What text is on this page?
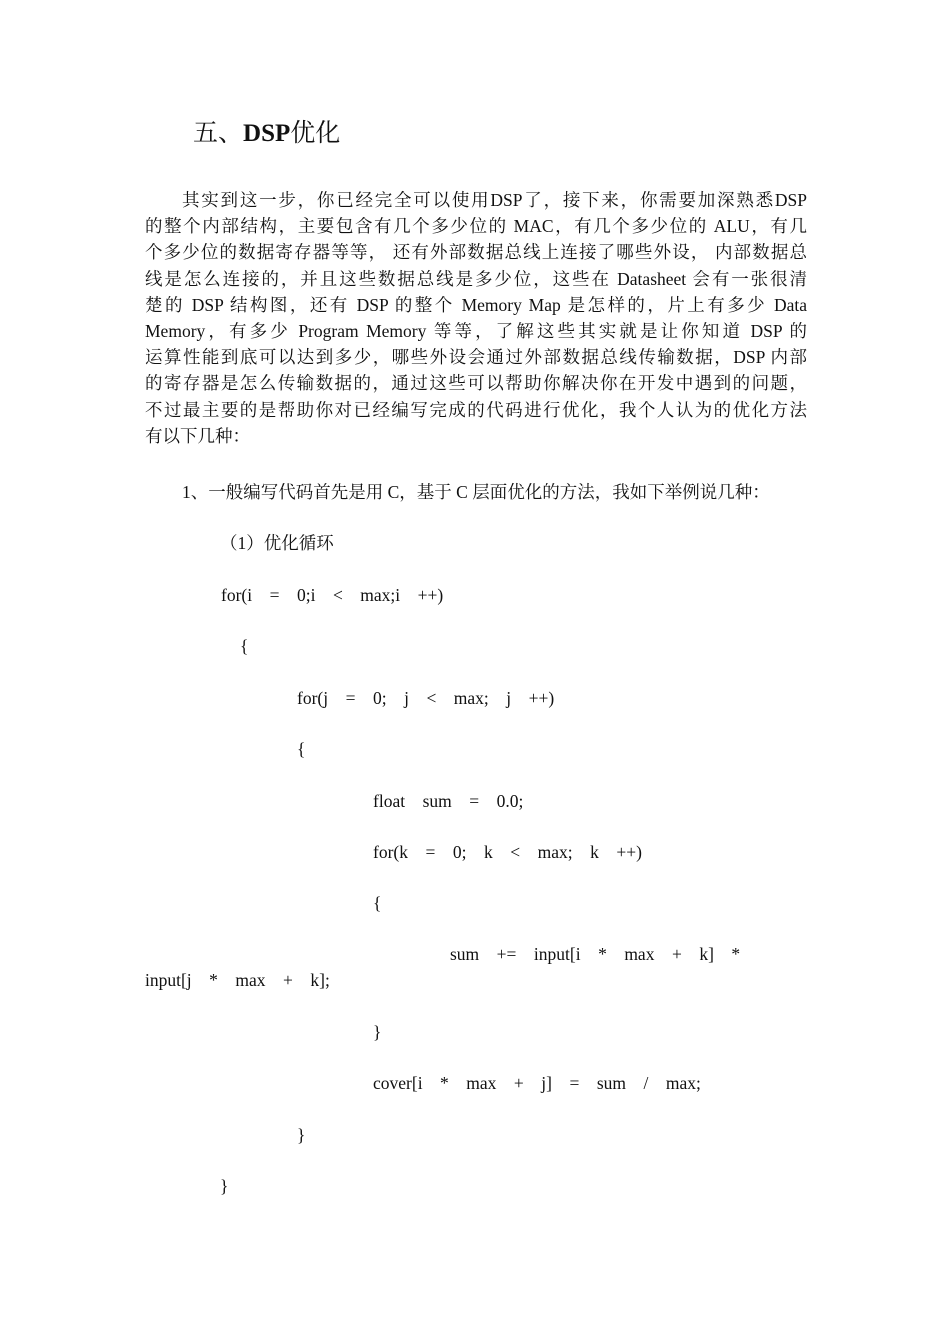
五、DSP优化
其实到这一步，你已经完全可以使用DSP了，接下来，你需要加深熟悉DSP
的整个内部结构，主要包含有几个多少位的 MAC，有几个多少位的 ALU，有几
个多少位的数据寄存器等等， 还有外部数据总线上连接了哪些外设， 内部数据总
线是怎么连接的，并且这些数据总线是多少位，这些在 Datasheet 会有一张很清
楚的 DSP 结构图，还有 DSP 的整个 Memory Map 是怎样的，片上有多少 Data
Memory，有多少 Program Memory 等等，了解这些其实就是让你知道 DSP 的
运算性能到底可以达到多少，哪些外设会通过外部数据总线传输数据，DSP 内部
的寄存器是怎么传输数据的，通过这些可以帮助你解决你在开发中遇到的问题，
不过最主要的是帮助你对已经编写完成的代码进行优化，我个人认为的优化方法
有以下几种：
1、一般编写代码首先是用 C，基于 C 层面优化的方法，我如下举例说几种：
（1）优化循环
for(i    =    0;i    <    max;i    ++)
{
for(j    =    0;    j    <    max;    j    ++)
{
float    sum    =    0.0;
for(k    =    0;    k    <    max;    k    ++)
{
sum    +=    input[i    *    max    +    k]    *
input[j    *    max    +    k];
}
cover[i    *    max    +    j]    =    sum    /    max;
}
}
